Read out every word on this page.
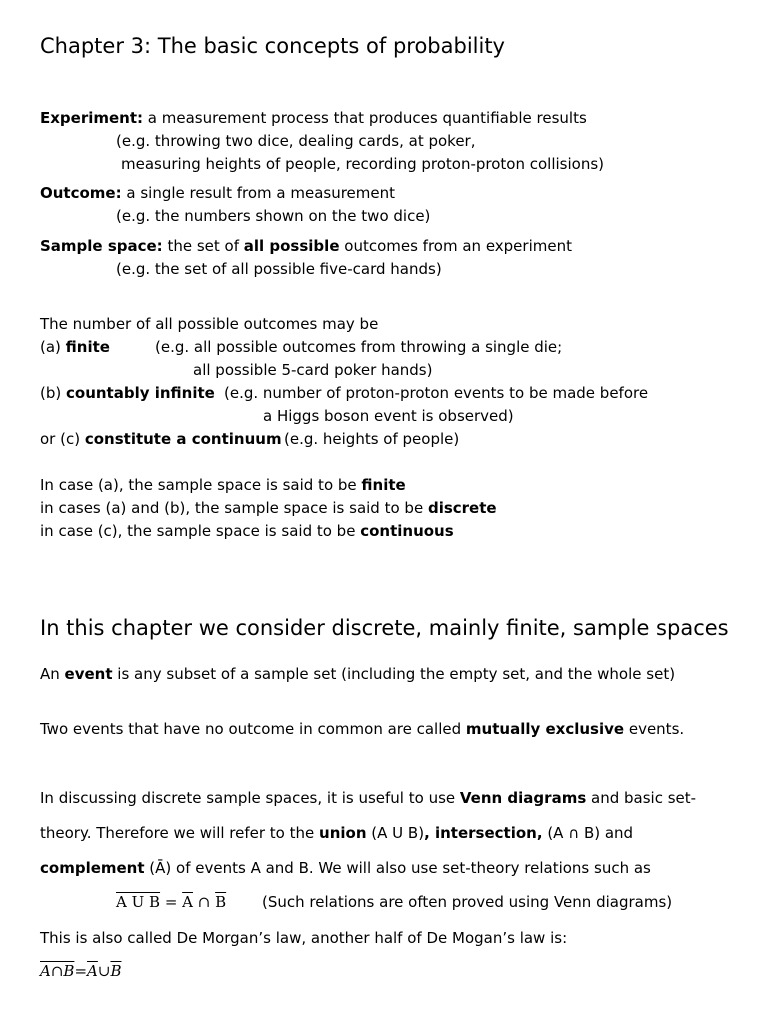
Chapter 3: The basic concepts of probability
Experiment: a measurement process that produces quantifiable results
(e.g. throwing two dice, dealing cards, at poker,
measuring heights of people, recording proton-proton collisions)
Outcome: a single result from a measurement
(e.g. the numbers shown on the two dice)
Sample space: the set of all possible outcomes from an experiment
(e.g. the set of all possible five-card hands)
The number of all possible outcomes may be
(a) finite	(e.g. all possible outcomes from throwing a single die;
all possible 5-card poker hands)
(b) countably infinite (e.g. number of proton-proton events to be made before
a Higgs boson event is observed)
or (c) constitute a continuum (e.g. heights of people)
In case (a), the sample space is said to be finite
in cases (a) and (b), the sample space is said to be discrete
in case (c), the sample space is said to be continuous
In this chapter we consider discrete, mainly finite, sample spaces
An event is any subset of a sample set (including the empty set, and the whole set)
Two events that have no outcome in common are called mutually exclusive events.
In discussing discrete sample spaces, it is useful to use Venn diagrams and basic set-
theory. Therefore we will refer to the union (A U B), intersection, (A ∩ B) and
complement (Ā) of events A and B. We will also use set-theory relations such as
A U $B = \overline{A}$ ∩ $\overline{B}$ (Such relations are often proved using Venn diagrams)
This is also called De Morgan’s law, another half of De Mogan’s law is:
$A\cap B=\overline{A}\cup\overline{B}$
